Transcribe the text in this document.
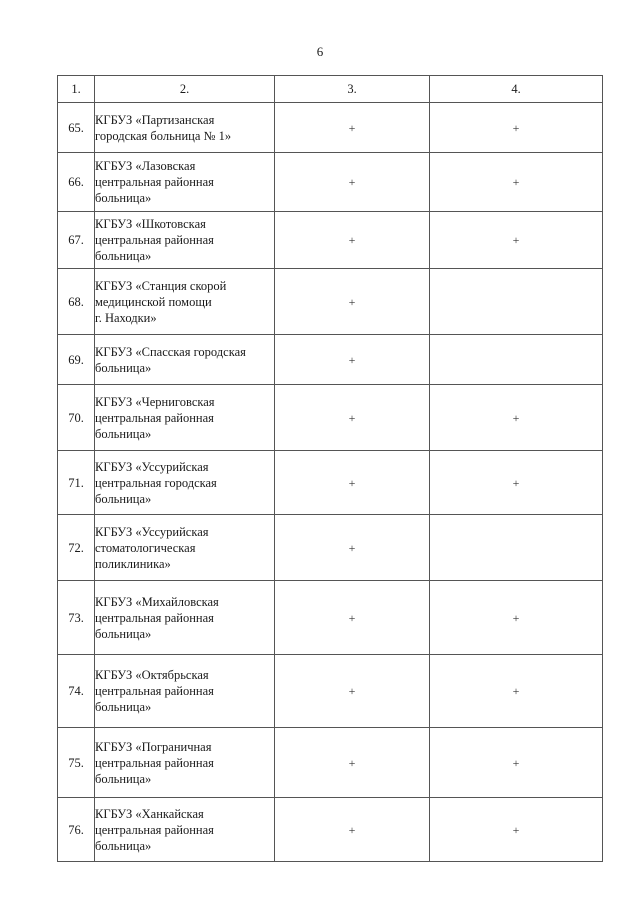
6
1.	2.	3.	4.
65.	КГБУЗ «Партизанская
городская больница № 1»	+	+
66.	КГБУЗ «Лазовская
центральная районная
больница»	+	+
67.	КГБУЗ «Шкотовская
центральная районная
больница»	+	+
68.	КГБУЗ «Станция скорой
медицинской помощи
г. Находки»	+	
69.	КГБУЗ «Спасская городская
больница»	+	
70.	КГБУЗ «Черниговская
центральная районная
больница»	+	+
71.	КГБУЗ «Уссурийская
центральная городская
больница»	+	+
72.	КГБУЗ «Уссурийская
стоматологическая
поликлиника»	+	
73.	КГБУЗ «Михайловская
центральная районная
больница»	+	+
74.	КГБУЗ «Октябрьская
центральная районная
больница»	+	+
75.	КГБУЗ «Пограничная
центральная районная
больница»	+	+
76.	КГБУЗ «Ханкайская
центральная районная
больница»	+	+
